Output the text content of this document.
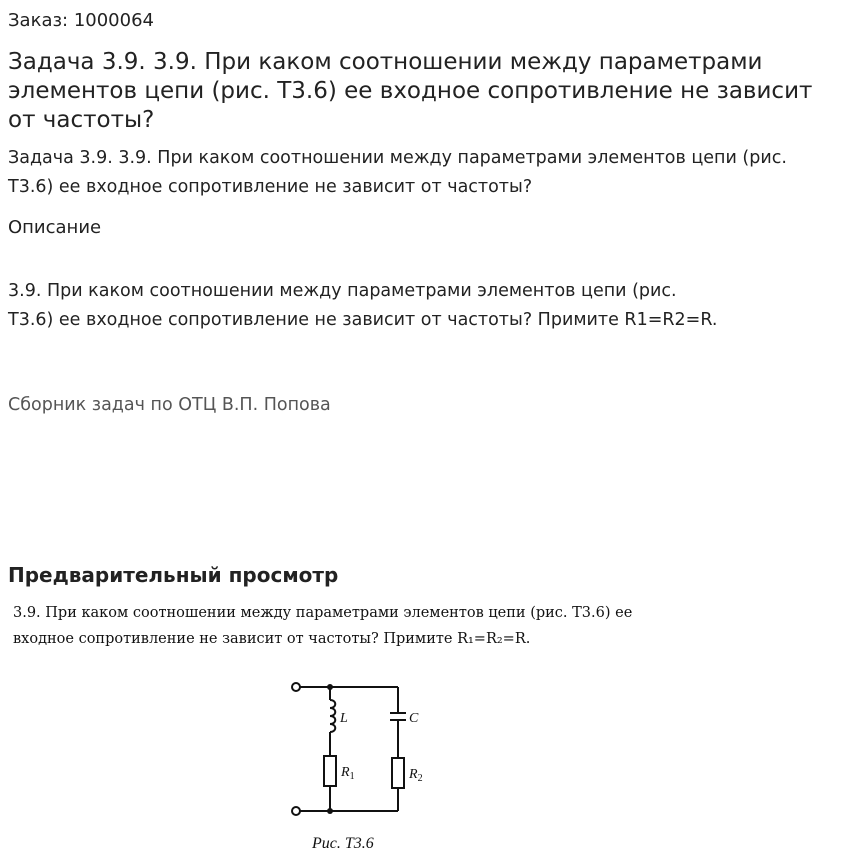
Заказ: 1000064
Задача 3.9. 3.9. При каком соотношении между параметрами элементов цепи (рис. Т3.6) ее входное сопротивление не зависит от частоты?

Задача 3.9. 3.9. При каком соотношении между параметрами элементов цепи (рис. Т3.6) ее входное сопротивление не зависит от частоты?

Описание
3.9. При каком соотношении между параметрами элементов цепи (рис.
Т3.6) ее входное сопротивление не зависит от частоты? Примите R1=R2=R.
Сборник задач по ОТЦ В.П. Попова
Предварительный просмотр
3.9. При каком соотношении между параметрами элементов цепи (рис. Т3.6) ее
входное сопротивление не зависит от частоты? Примите R₁=R₂=R.
L	C
$R_1$	$R_2$
Рис. Т3.6
